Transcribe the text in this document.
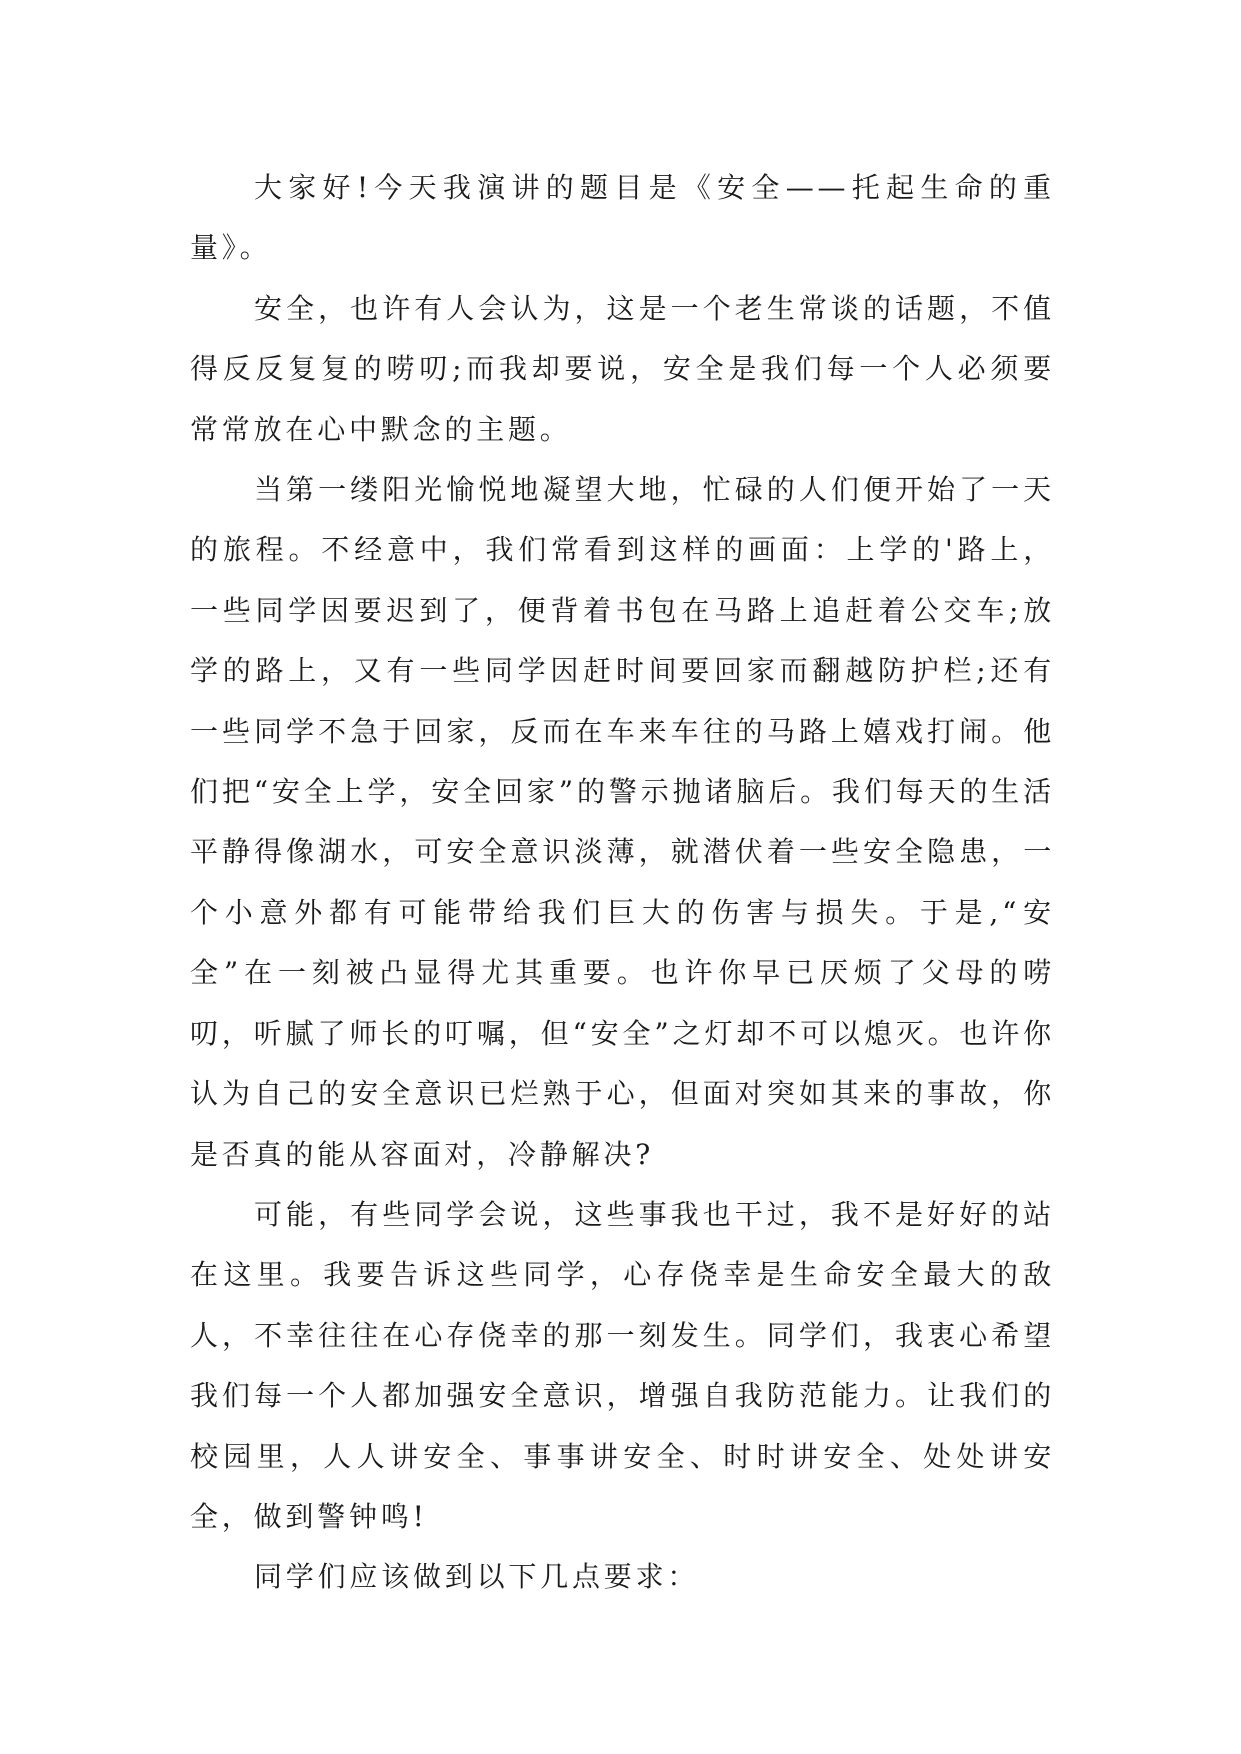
大家好!今天我演讲的题目是《安全——托起生命的重量》。

安全，也许有人会认为，这是一个老生常谈的话题，不值得反反复复的唠叨;而我却要说，安全是我们每一个人必须要常常放在心中默念的主题。

当第一缕阳光愉悦地凝望大地，忙碌的人们便开始了一天的旅程。不经意中，我们常看到这样的画面：上学的'路上，一些同学因要迟到了，便背着书包在马路上追赶着公交车;放学的路上，又有一些同学因赶时间要回家而翻越防护栏;还有一些同学不急于回家，反而在车来车往的马路上嬉戏打闹。他们把“安全上学，安全回家”的警示抛诸脑后。我们每天的生活平静得像湖水，可安全意识淡薄，就潜伏着一些安全隐患，一个小意外都有可能带给我们巨大的伤害与损失。于是,“安全”在一刻被凸显得尤其重要。也许你早已厌烦了父母的唠叨，听腻了师长的叮嘱，但“安全”之灯却不可以熄灭。也许你认为自己的安全意识已烂熟于心，但面对突如其来的事故，你是否真的能从容面对，冷静解决?

可能，有些同学会说，这些事我也干过，我不是好好的站在这里。我要告诉这些同学，心存侥幸是生命安全最大的敌人，不幸往往在心存侥幸的那一刻发生。同学们，我衷心希望我们每一个人都加强安全意识，增强自我防范能力。让我们的校园里，人人讲安全、事事讲安全、时时讲安全、处处讲安全，做到警钟鸣!

同学们应该做到以下几点要求：
